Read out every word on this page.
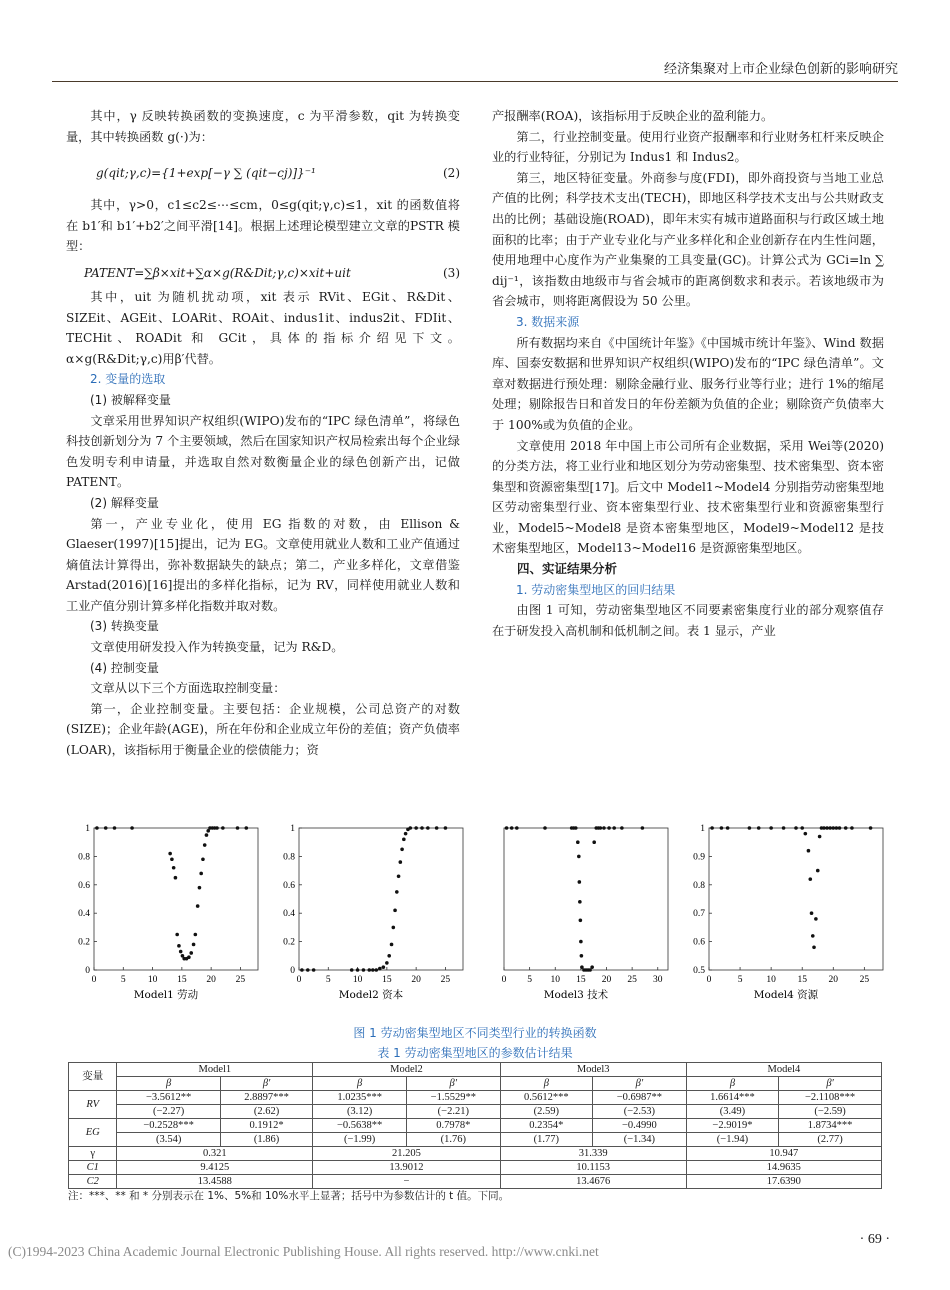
经济集聚对上市企业绿色创新的影响研究

其中，γ 反映转换函数的变换速度，c 为平滑参数，qit 为转换变量，其中转换函数 g(·)为：

g(qit;γ,c)={1+exp[−γ ∑ (qit−cj)]}⁻¹	(2)

其中，γ>0，c1≤c2≤⋯≤cm，0≤g(qit;γ,c)≤1，xit 的函数值将在 b1′和 b1′+b2′之间平滑[14]。根据上述理论模型建立文章的PSTR 模型：

PATENT=∑β×xit+∑α×g(R&Dit;γ,c)×xit+uit	(3)

其中，uit 为随机扰动项，xit 表示 RVit、EGit、R&Dit、SIZEit、AGEit、LOARit、ROAit、indus1it、indus2it、FDIit、TECHit、ROADit 和 GCit，具体的指标介绍见下文。α×g(R&Dit;γ,c)用β′代替。

2. 变量的选取
(1) 被解释变量

文章采用世界知识产权组织(WIPO)发布的“IPC 绿色清单”，将绿色科技创新划分为 7 个主要领域，然后在国家知识产权局检索出每个企业绿色发明专利申请量，并选取自然对数衡量企业的绿色创新产出，记做 PATENT。

(2) 解释变量

第一，产业专业化，使用 EG 指数的对数，由 Ellison & Glaeser(1997)[15]提出，记为 EG。文章使用就业人数和工业产值通过熵值法计算得出，弥补数据缺失的缺点；第二，产业多样化，文章借鉴 Arstad(2016)[16]提出的多样化指标，记为 RV，同样使用就业人数和工业产值分别计算多样化指数并取对数。

(3) 转换变量

文章使用研发投入作为转换变量，记为 R&D。

(4) 控制变量

文章从以下三个方面选取控制变量：

第一，企业控制变量。主要包括：企业规模，公司总资产的对数(SIZE)；企业年龄(AGE)，所在年份和企业成立年份的差值；资产负债率(LOAR)，该指标用于衡量企业的偿债能力；资

产报酬率(ROA)，该指标用于反映企业的盈利能力。

第二，行业控制变量。使用行业资产报酬率和行业财务杠杆来反映企业的行业特征，分别记为 Indus1 和 Indus2。

第三，地区特征变量。外商参与度(FDI)，即外商投资与当地工业总产值的比例；科学技术支出(TECH)，即地区科学技术支出与公共财政支出的比例；基础设施(ROAD)，即年末实有城市道路面积与行政区域土地面积的比率；由于产业专业化与产业多样化和企业创新存在内生性问题，使用地理中心度作为产业集聚的工具变量(GC)。计算公式为 GCi=ln ∑ dij⁻¹，该指数由地级市与省会城市的距离倒数求和表示。若该地级市为省会城市，则将距离假设为 50 公里。

3. 数据来源

所有数据均来自《中国统计年鉴》《中国城市统计年鉴》、Wind 数据库、国泰安数据和世界知识产权组织(WIPO)发布的“IPC 绿色清单”。文章对数据进行预处理：剔除金融行业、服务行业等行业；进行 1%的缩尾处理；剔除报告日和首发日的年份差额为负值的企业；剔除资产负债率大于 100%或为负值的企业。

文章使用 2018 年中国上市公司所有企业数据，采用 Wei等(2020)的分类方法，将工业行业和地区划分为劳动密集型、技术密集型、资本密集型和资源密集型[17]。后文中 Model1~Model4 分别指劳动密集型地区劳动密集型行业、资本密集型行业、技术密集型行业和资源密集型行业，Model5~Model8 是资本密集型地区，Model9~Model12 是技术密集型地区，Model13~Model16 是资源密集型地区。

四、实证结果分析
1. 劳动密集型地区的回归结果

由图 1 可知，劳动密集型地区不同要素密集度行业的部分观察值存在于研发投入高机制和低机制之间。表 1 显示，产业

0	5 10 15 20 25
0
0.2
0.4
0.6
0.8
1
Model1 劳动
0	5 10 15 20 25
0
0.2
0.4
0.6
0.8
1
Model2 资本
0 5 10 15 20 25 30
Model3 技术
0	5	10 15 20 25
0.5
0.6
0.7
0.8
0.9
1
Model4 资源
图 1 劳动密集型地区不同类型行业的转换函数
表 1 劳动密集型地区的参数估计结果
变量	Model1		Model2		Model3		Model4	
	β	β′	β	β′	β	β′	β	β′
RV	−3.5612**	2.8897***	1.0235***	−1.5529**	0.5612***	−0.6987**	1.6614***	−2.1108***
	(−2.27)	(2.62)	(3.12)	(−2.21)	(2.59)	(−2.53)	(3.49)	(−2.59)
EG	−0.2528***	0.1912*	−0.5638**	0.7978*	0.2354*	−0.4990	−2.9019*	1.8734***
	(3.54)	(1.86)	(−1.99)	(1.76)	(1.77)	(−1.34)	(−1.94)	(2.77)
γ	0.321		21.205		31.339		10.947	
C1	9.4125		13.9012		10.1153		14.9635	
C2	13.4588		−		13.4676		17.6390	
注：***、** 和 * 分别表示在 1%、5%和 10%水平上显著；括号中为参数估计的 t 值。下同。
(C)1994-2023 China Academic Journal Electronic Publishing House. All rights reserved. http://www.cnki.net
· 69 ·
